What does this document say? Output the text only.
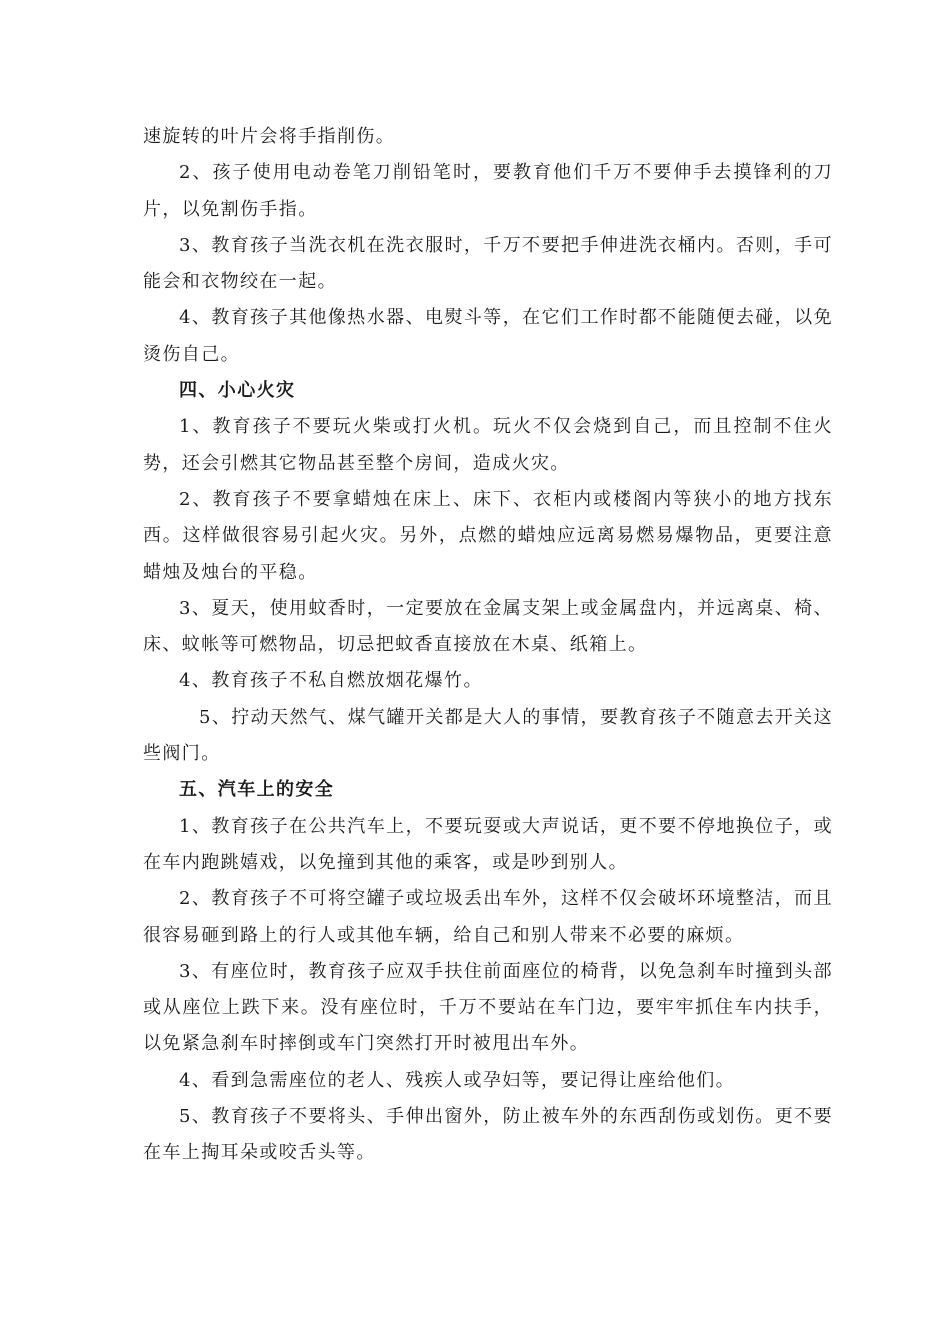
速旋转的叶片会将手指削伤。

2、孩子使用电动卷笔刀削铅笔时，要教育他们千万不要伸手去摸锋利的刀片，以免割伤手指。

3、教育孩子当洗衣机在洗衣服时，千万不要把手伸进洗衣桶内。否则，手可能会和衣物绞在一起。

4、教育孩子其他像热水器、电熨斗等，在它们工作时都不能随便去碰，以免烫伤自己。

四、小心火灾

1、教育孩子不要玩火柴或打火机。玩火不仅会烧到自己，而且控制不住火势，还会引燃其它物品甚至整个房间，造成火灾。

2、教育孩子不要拿蜡烛在床上、床下、衣柜内或楼阁内等狭小的地方找东西。这样做很容易引起火灾。另外，点燃的蜡烛应远离易燃易爆物品，更要注意蜡烛及烛台的平稳。

3、夏天，使用蚊香时，一定要放在金属支架上或金属盘内，并远离桌、椅、床、蚊帐等可燃物品，切忌把蚊香直接放在木桌、纸箱上。

4、教育孩子不私自燃放烟花爆竹。

5、拧动天然气、煤气罐开关都是大人的事情，要教育孩子不随意去开关这些阀门。

五、汽车上的安全

1、教育孩子在公共汽车上，不要玩耍或大声说话，更不要不停地换位子，或在车内跑跳嬉戏，以免撞到其他的乘客，或是吵到别人。

2、教育孩子不可将空罐子或垃圾丢出车外，这样不仅会破坏环境整洁，而且很容易砸到路上的行人或其他车辆，给自己和别人带来不必要的麻烦。

3、有座位时，教育孩子应双手扶住前面座位的椅背，以免急刹车时撞到头部或从座位上跌下来。没有座位时，千万不要站在车门边，要牢牢抓住车内扶手，以免紧急刹车时摔倒或车门突然打开时被甩出车外。

4、看到急需座位的老人、残疾人或孕妇等，要记得让座给他们。

5、教育孩子不要将头、手伸出窗外，防止被车外的东西刮伤或划伤。更不要在车上掏耳朵或咬舌头等。
